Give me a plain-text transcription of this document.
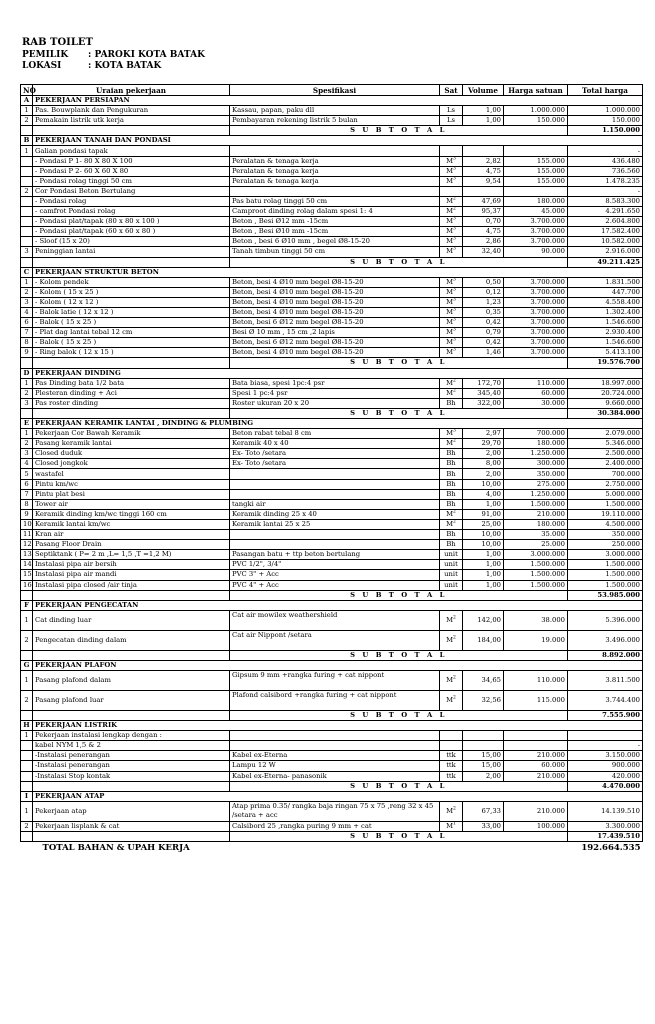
RAB TOILET
PEMILIK	: PAROKI KOTA BATAK
LOKASI	: KOTA BATAK
NO	Uraian pekerjaan	Spesifikasi	Sat	Volume	Harga satuan	Total harga
A	PEKERJAAN PERSIAPAN					
1	Pas. Bouwplank dan Pengukuran	Kassau, papan, paku dll	Ls	1,00	1.000.000	1.000.000
2	Pemakain listrik utk kerja	Pembayaran rekening listrik 5 bulan	Ls	1,00	150.000	150.000
		S U B T O T A L				1.150.000
B	PEKERJAAN TANAH DAN PONDASI					
1	Galian pondasi tapak					-
	- Pondasi P 1- 80 X 80 X 100	Peralatan & tenaga kerja	$M^3$	2,82	155.000	436.480
	- Pondasi P 2- 60 X 60 X 80	Peralatan & tenaga kerja	$M^3$	4,75	155.000	736.560
	- Pondasi rolag tinggi 50 cm	Peralatan & tenaga kerja	$M^3$	9,54	155.000	1.478.235
2	Cor Pondasi Beton Bertulang					-
	- Pondasi rolag	Pas batu rolag tinggi 50 cm	$M^2$	47,69	180.000	8.583.300
	- camfrot Pondasi rolag	Camproot dinding rolag dalam spesi 1: 4	$M^2$	95,37	45.000	4.291.650
	- Pondasi plat/tapak (80 x 80 x 100 )	Beton , Besi Ø12 mm -15cm	$M^3$	0,70	3.700.000	2.604.800
	- Pondasi plat/tapak (60 x 60 x 80 )	Beton , Besi Ø10 mm -15cm	$M^3$	4,75	3.700.000	17.582.400
	- Sloof (15 x 20)	Beton , besi 6 Ø10 mm , begel Ø8-15-20	$M^3$	2,86	3.700.000	10.582.000
3	Peninggian lantai	Tanah timbun tinggi 50 cm	$M^3$	32,40	90.000	2.916.000
		S U B T O T A L				49.211.425
C	PEKERJAAN STRUKTUR BETON					
1	- Kolom pendek	Beton, besi 4 Ø10 mm begel Ø8-15-20	$M^3$	0,50	3.700.000	1.831.500
2	- Kolom ( 15 x 25 )	Beton, besi 4 Ø10 mm begel Ø8-15-20	$M^3$	0,12	3.700.000	447.700
3	- Kolom ( 12 x 12 )	Beton, besi 4 Ø10 mm begel Ø8-15-20	$M^3$	1,23	3.700.000	4.558.400
4	- Balok latie ( 12 x 12 )	Beton, besi 4 Ø10 mm begel Ø8-15-20	$M^3$	0,35	3.700.000	1.302.400
6	- Balok ( 15 x 25 )	Beton, besi 6 Ø12 mm begel Ø8-15-20	$M^3$	0,42	3.700.000	1.546.600
7	- Plat dag lantai tebal 12 cm	Besi Ø 10 mm , 15 cm ,2 lapis	$M^3$	0,79	3.700.000	2.930.400
8	- Balok ( 15 x 25 )	Beton, besi 6 Ø12 mm begel Ø8-15-20	$M^3$	0,42	3.700.000	1.546.600
9	- Ring balok ( 12 x 15 )	Beton, besi 4 Ø10 mm begel Ø8-15-20	$M^3$	1,46	3.700.000	5.413.100
		S U B T O T A L				19.576.700
D	PEKERJAAN DINDING					
1	Pas Dinding bata 1/2 bata	Bata biasa, spesi 1pc:4 psr	$M^2$	172,70	110.000	18.997.000
2	Plesteran dinding + Aci	Spesi 1 pc:4 psr	$M^2$	345,40	60.000	20.724.000
3	Pas roster dinding	Roster ukuran 20 x 20	Bh	322,00	30.000	9.660.000
		S U B T O T A L				30.384.000
E	PEKERJAAN KERAMIK LANTAI , DINDING & PLUMBING					
1	Pekerjaan Cor Bawah Keramik	Beton rabat tebal 8 cm	$M^3$	2,97	700.000	2.079.000
2	Pasang keramik lantai	Keramik 40 x 40	$M^2$	29,70	180.000	5.346.000
3	Closed duduk	Ex- Toto /setara	Bh	2,00	1.250.000	2.500.000
4	Closed jongkok	Ex- Toto /setara	Bh	8,00	300.000	2.400.000
5	wastafel		Bh	2,00	350.000	700.000
6	Pintu km/wc		Bh	10,00	275.000	2.750.000
7	Pintu plat besi		Bh	4,00	1.250.000	5.000.000
8	Tower air	tangki air	Bh	1,00	1.500.000	1.500.000
9	Keramik dinding km/wc tinggi 160 cm	Keramik dinding 25 x 40	$M^2$	91,00	210.000	19.110.000
10	Keramik lantai km/wc	Keramik lantai 25 x 25	$M^2$	25,00	180.000	4.500.000
11	Kran air		Bh	10,00	35.000	350.000
12	Pasang Floor Drain		Bh	10,00	25.000	250.000
13	Septiktank ( P= 2 m ,L= 1,5 ,T =1,2 M)	Pasangan batu + ttp beton bertulang	unit	1,00	3.000.000	3.000.000
14	Instalasi pipa air bersih	PVC 1/2", 3/4"	unit	1,00	1.500.000	1.500.000
15	Instalasi pipa air mandi	PVC 3" + Acc	unit	1,00	1.500.000	1.500.000
16	Instalasi pipa closed /air tinja	PVC 4" + Acc	unit	1,00	1.500.000	1.500.000
		S U B T O T A L				53.985.000
F	PEKERJAAN PENGECATAN					
1	Cat dinding luar	Cat air mowilex weathershield	$M^2$	142,00	38.000	5.396.000
2	Pengecatan dinding dalam	Cat air Nippont /setara	$M^2$	184,00	19.000	3.496.000
		S U B T O T A L				8.892.000
G	PEKERJAAN PLAFON					
1	Pasang plafond dalam	Gipsum 9 mm +rangka furing + cat nippont	$M^2$	34,65	110.000	3.811.500
2	Pasang plafond luar	Plafond calsibord +rangka furing + cat nippont	$M^2$	32,56	115.000	3.744.400
		S U B T O T A L				7.555.900
H	PEKERJAAN LISTRIK					
1	Pekerjaan instalasi lengkap dengan :					
	kabel NYM 1,5 & 2					-
	-Instalasi penerangan	Kabel ex-Eterna	ttk	15,00	210.000	3.150.000
	-Instalasi penerangan	Lampu 12 W	ttk	15,00	60.000	900.000
	-Instalasi Stop kontak	Kabel ex-Eterna- panasonik	ttk	2,00	210.000	420.000
		S U B T O T A L				4.470.000
I	PEKERJAAN ATAP					
1	Pekerjaan atap	Atap prima 0.35/ rangka baja ringan 75 x 75 ,reng 32 x 45 /setara + acc	$M^2$	67,33	210.000	14.139.510
2	Pekerjaan lisplank & cat	Calsibord 25 ,rangka puring 9 mm + cat	$M^1$	33,00	100.000	3.300.000
		S U B T O T A L				17.439.510
TOTAL BAHAN & UPAH KERJA						192.664.535
